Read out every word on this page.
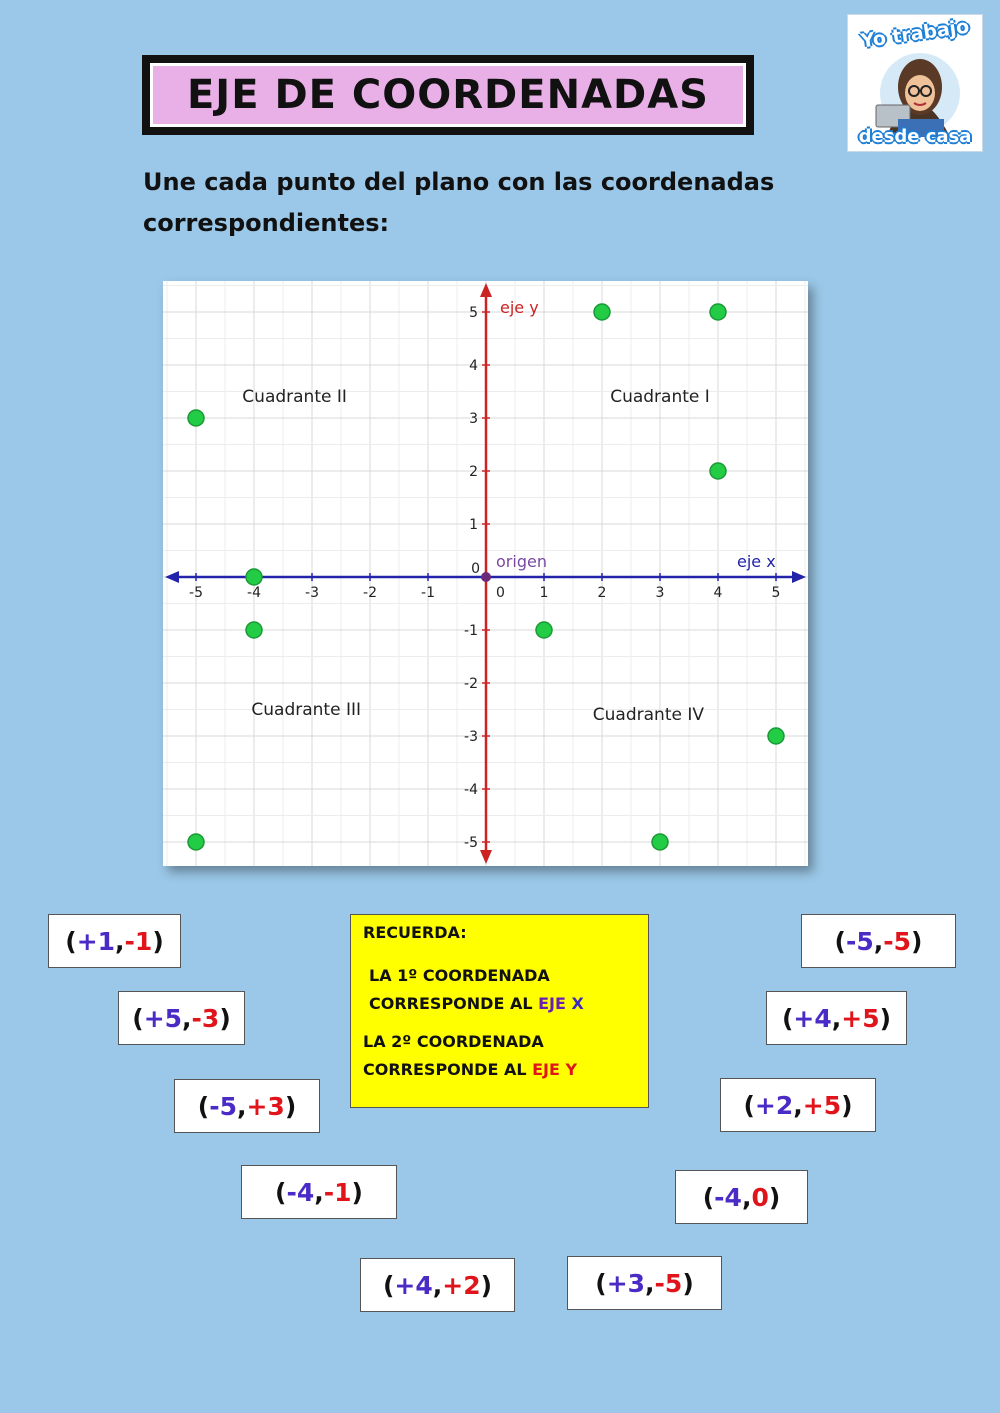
EJE DE COORDENADAS
Yo trabajo
desde casa
Une cada punto del plano con las coordenadas correspondientes:
-5	-4	-3	-2	-1	1	2	3	4	5
-5
-4
-3
-2
-1
1
2
3
4
5
0
0
eje y
eje x
origen
Cuadrante I
Cuadrante II
Cuadrante III	Cuadrante IV
( +1 , -1 )
( +5 , -3 )
( -5 , +3 )
( -4 , -1 )
( +4 , +2 )	( +3 , -5 )
( -4 , 0 )
( +2 , +5 )
( +4 , +5 )
( -5 , -5 )

RECUERDA:

LA 1º COORDENADA
CORRESPONDE AL EJE X

LA 2º COORDENADA
CORRESPONDE AL EJE Y
